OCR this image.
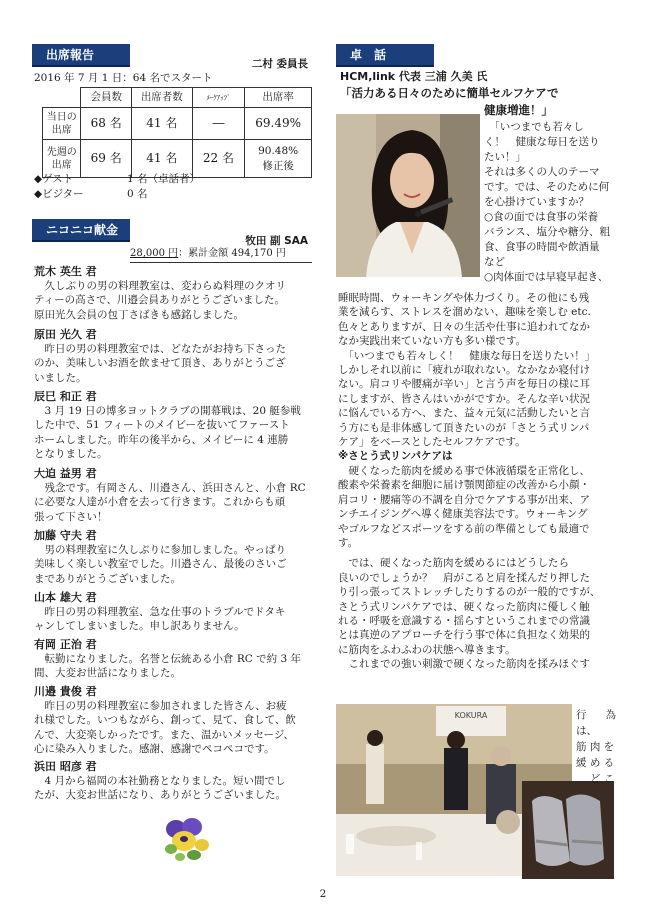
出席報告
二村 委員長
2016 年 7 月 1 日：64 名でスタート
	会員数	出席者数	ﾒｰｸｱｯﾌﾟ	出席率
当日の
出席	68 名	41 名	―	69.49%
先週の
出席	69 名	41 名	22 名	90.48%
修正後
◆ゲスト	1 名（卓話者）
◆ビジター	0 名
ニコニコ献金
牧田 副 SAA
28,000 円：累計金額 494,170 円
荒木 英生 君
久しぶりの男の料理教室は、変わらぬ料理のクオリ
ティーの高さで、川邉会員ありがとうございました。
原田光久会員の包丁さばきも感銘しました。
原田 光久 君
昨日の男の料理教室では、どなたがお持ち下さった
のか、美味しいお酒を飲ませて頂き、ありがとうござ
いました。
辰巳 和正 君
3 月 19 日の博多ヨットクラブの開幕戦は、20 艇参戦
した中で、51 フィートのメイビーを抜いてファースト
ホームしました。昨年の後半から、メイビーに 4 連勝
となりました。
大迫 益男 君
残念です。有岡さん、川邉さん、浜田さんと、小倉 RC
に必要な人達が小倉を去って行きます。これからも頑
張って下さい！
加藤 守夫 君
男の料理教室に久しぶりに参加しました。やっぱり
美味しく楽しい教室でした。川邉さん、最後のさいご
までありがとうございました。
山本 雄大 君
昨日の男の料理教室、急な仕事のトラブルでドタキ
ャンしてしまいました。申し訳ありません。
有岡 正治 君
転勤になりました。名誉と伝統ある小倉 RC で約 3 年
間、大変お世話になりました。
川邉 貴俊 君
昨日の男の料理教室に参加されました皆さん、お疲
れ様でした。いつもながら、創って、見て、食して、飲
んで、大変楽しかったです。また、温かいメッセージ、
心に染み入りました。感謝、感謝でペコペコです。
浜田 昭彦 君
4 月から福岡の本社勤務となりました。短い間でし
たが、大変お世話になり、ありがとうございました。
卓　話
HCM,link 代表 三浦 久美 氏
「活力ある日々のために簡単セルフケアで
健康増進！」
　「いつまでも若々し
く！　健康な毎日を送り
たい！」
それは多くの人のテーマ
です。では、そのために何
を心掛けていますか？
○食の面では食事の栄養
バランス、塩分や糖分、粗
食、食事の時間や飲酒量
など
○肉体面では早寝早起き、
睡眠時間、ウォーキングや体力づくり。その他にも残
業を減らす、ストレスを溜めない、趣味を楽しむ etc.
色々とありますが、日々の生活や仕事に追われてなか
なか実践出来ていない方も多い様です。
　「いつまでも若々しく！　健康な毎日を送りたい！」
しかしそれ以前に「疲れが取れない。なかなか寝付け
ない。肩コリや腰痛が辛い」と言う声を毎日の様に耳
にしますが、皆さんはいかがですか。そんな辛い状況
に悩んでいる方へ、また、益々元気に活動したいと言
う方にも是非体感して頂きたいのが「さとう式リンパ
ケア」をベースとしたセルフケアです。
※さとう式リンパケアは
　硬くなった筋肉を緩める事で体液循環を正常化し、
酸素や栄養素を細胞に届け顎関節症の改善から小顔・
肩コリ・腰痛等の不調を自分でケアする事が出来、ア
ンチエイジングへ導く健康美容法です。ウォーキング
やゴルフなどスポーツをする前の準備としても最適で
す。
　では、硬くなった筋肉を緩めるにはどうしたら
良いのでしょうか？　肩がこると肩を揉んだり押した
り引っ張ってストレッチしたりするのが一般的ですが、
さとう式リンパケアでは、硬くなった筋肉に優しく触
れる・呼吸を意識する・揺らすというこれまでの常識
とは真逆のアプローチを行う事で体に負担なく効果的
に筋肉をふわふわの状態へ導きます。
　これまでの強い刺激で硬くなった筋肉を揉みほぐす
KOKURA	行為は、
筋 肉 を
緩 め る
ど こ
2
